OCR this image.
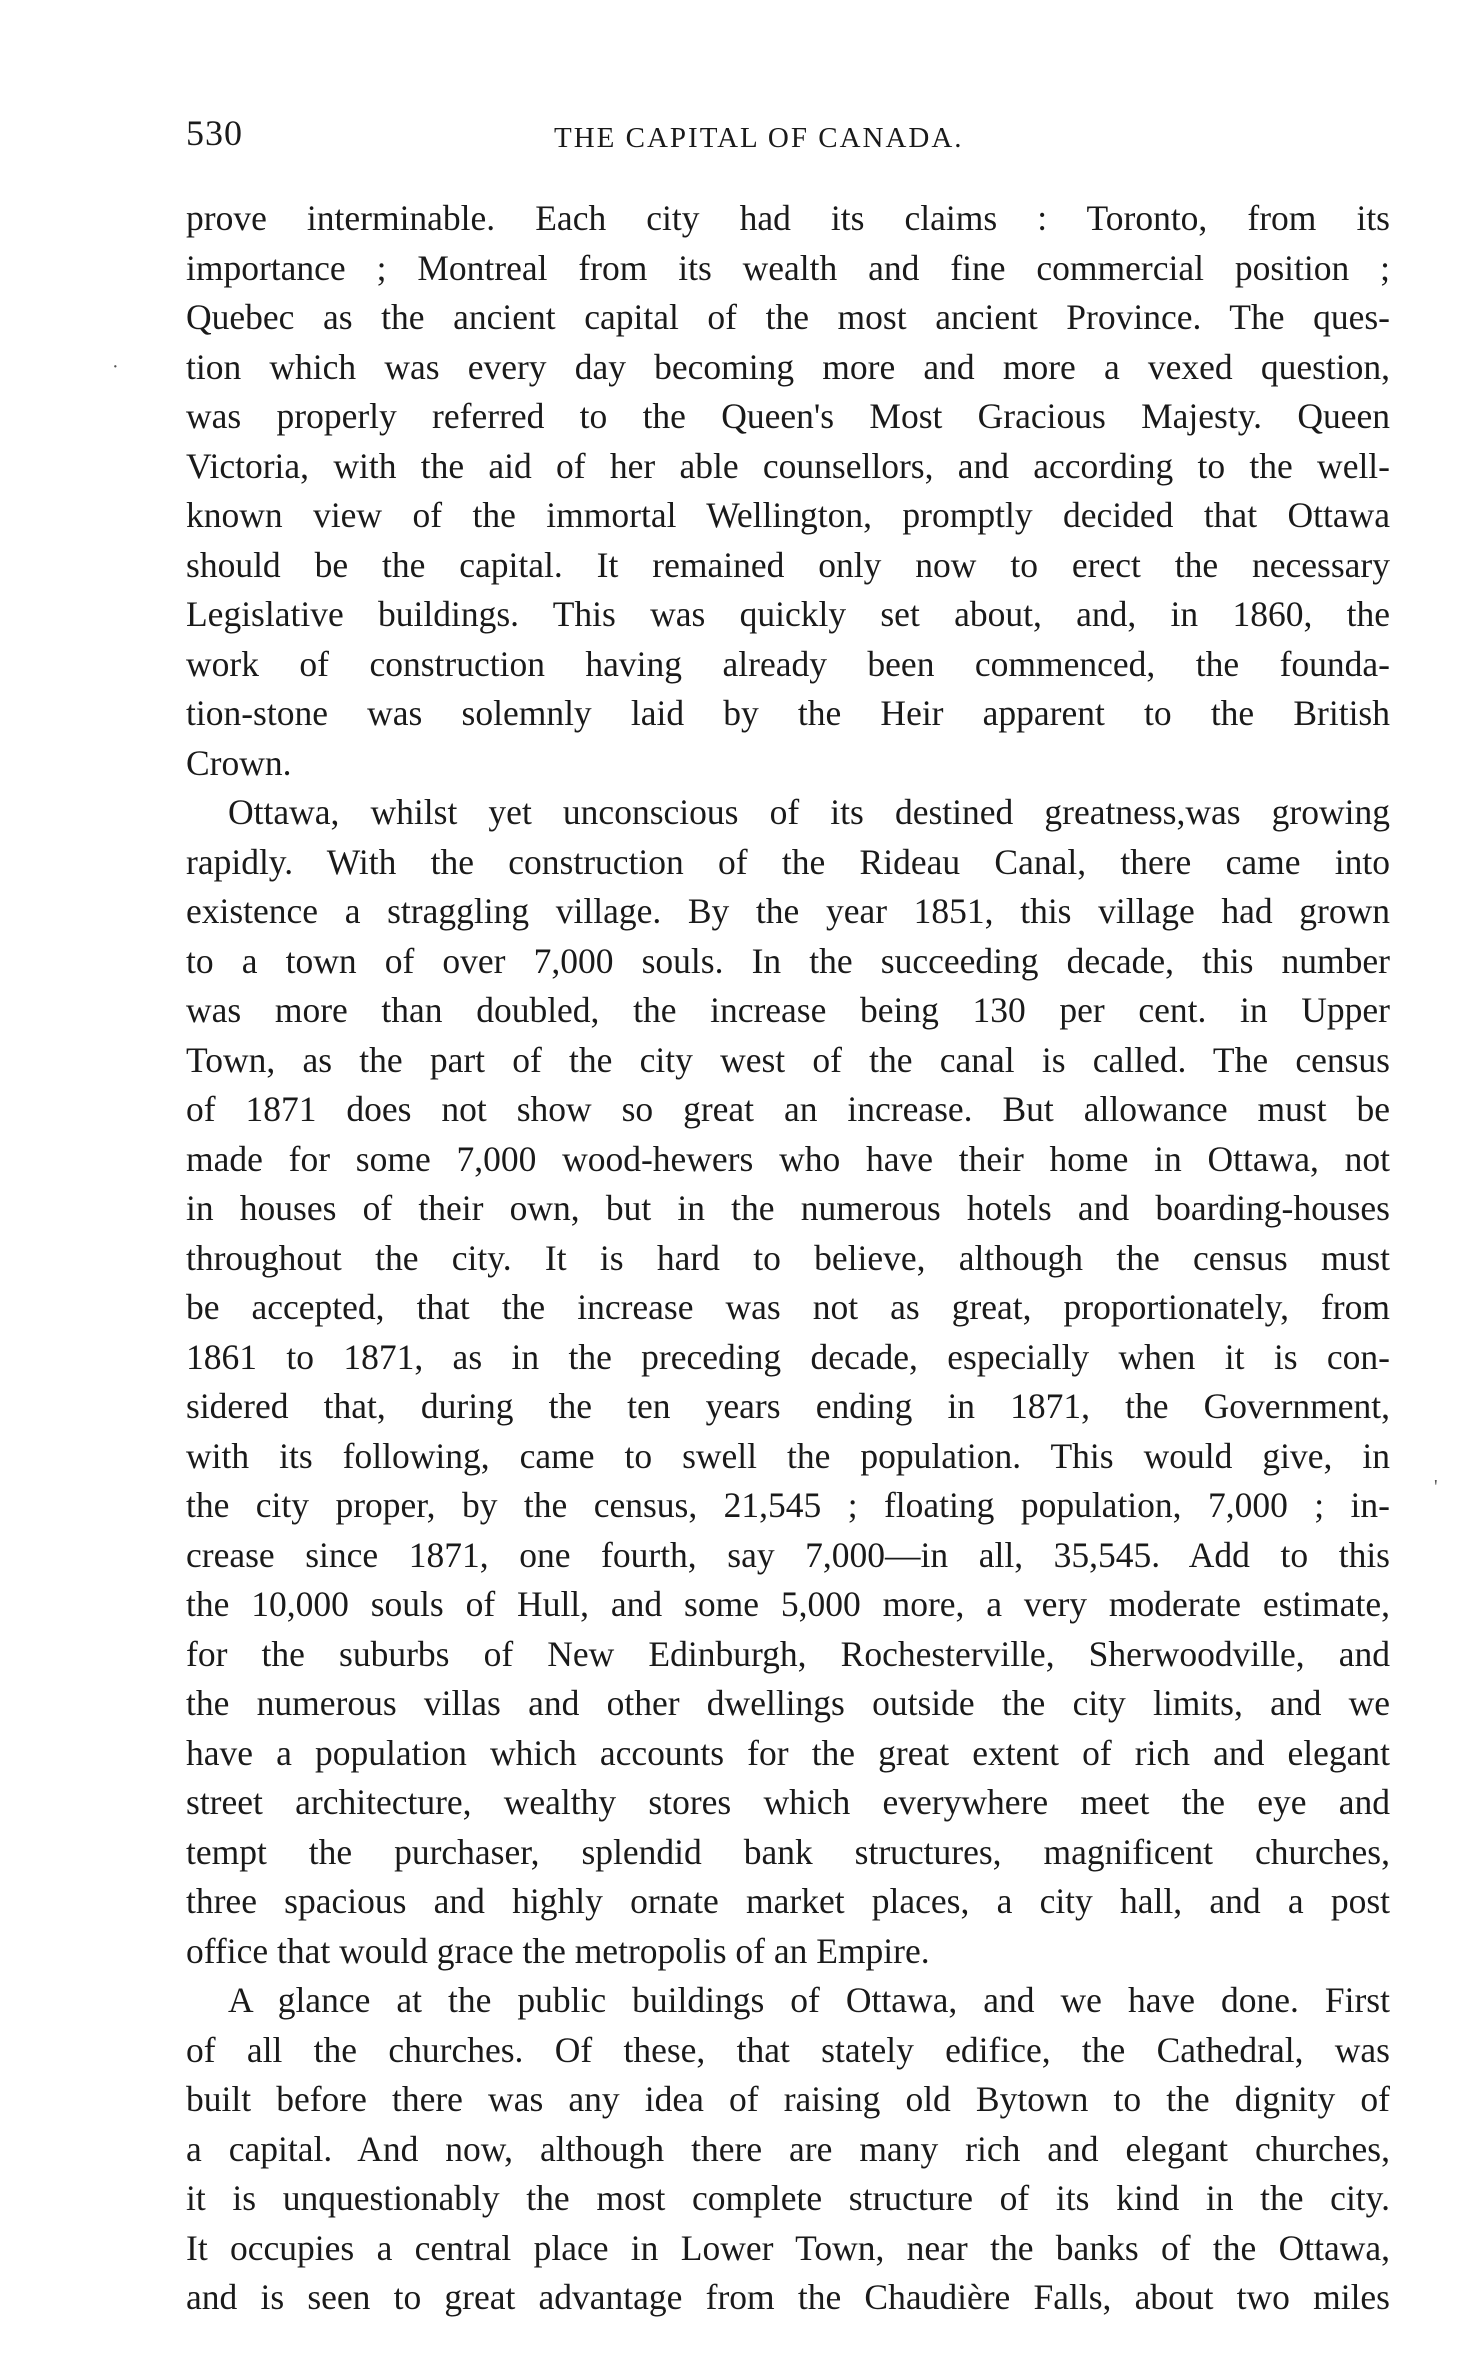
530	THE CAPITAL OF CANADA.
prove interminable. Each city had its claims : Toronto, from its
importance ; Montreal from its wealth and fine commercial position ;
Quebec as the ancient capital of the most ancient Province. The ques-
tion which was every day becoming more and more a vexed question,
was properly referred to the Queen's Most Gracious Majesty. Queen
Victoria, with the aid of her able counsellors, and according to the well-
known view of the immortal Wellington, promptly decided that Ottawa
should be the capital. It remained only now to erect the necessary
Legislative buildings. This was quickly set about, and, in 1860, the
work of construction having already been commenced, the founda-
tion-stone was solemnly laid by the Heir apparent to the British
Crown.
Ottawa, whilst yet unconscious of its destined greatness,was growing
rapidly. With the construction of the Rideau Canal, there came into
existence a straggling village. By the year 1851, this village had grown
to a town of over 7,000 souls. In the succeeding decade, this number
was more than doubled, the increase being 130 per cent. in Upper
Town, as the part of the city west of the canal is called. The census
of 1871 does not show so great an increase. But allowance must be
made for some 7,000 wood-hewers who have their home in Ottawa, not
in houses of their own, but in the numerous hotels and boarding-houses
throughout the city. It is hard to believe, although the census must
be accepted, that the increase was not as great, proportionately, from
1861 to 1871, as in the preceding decade, especially when it is con-
sidered that, during the ten years ending in 1871, the Government,
with its following, came to swell the population. This would give, in
the city proper, by the census, 21,545 ; floating population, 7,000 ; in-
crease since 1871, one fourth, say 7,000—in all, 35,545. Add to this
the 10,000 souls of Hull, and some 5,000 more, a very moderate estimate,
for the suburbs of New Edinburgh, Rochesterville, Sherwoodville, and
the numerous villas and other dwellings outside the city limits, and we
have a population which accounts for the great extent of rich and elegant
street architecture, wealthy stores which everywhere meet the eye and
tempt the purchaser, splendid bank structures, magnificent churches,
three spacious and highly ornate market places, a city hall, and a post
office that would grace the metropolis of an Empire.
A glance at the public buildings of Ottawa, and we have done. First
of all the churches. Of these, that stately edifice, the Cathedral, was
built before there was any idea of raising old Bytown to the dignity of
a capital. And now, although there are many rich and elegant churches,
it is unquestionably the most complete structure of its kind in the city.
It occupies a central place in Lower Town, near the banks of the Ottawa,
and is seen to great advantage from the Chaudière Falls, about two miles
·
'
